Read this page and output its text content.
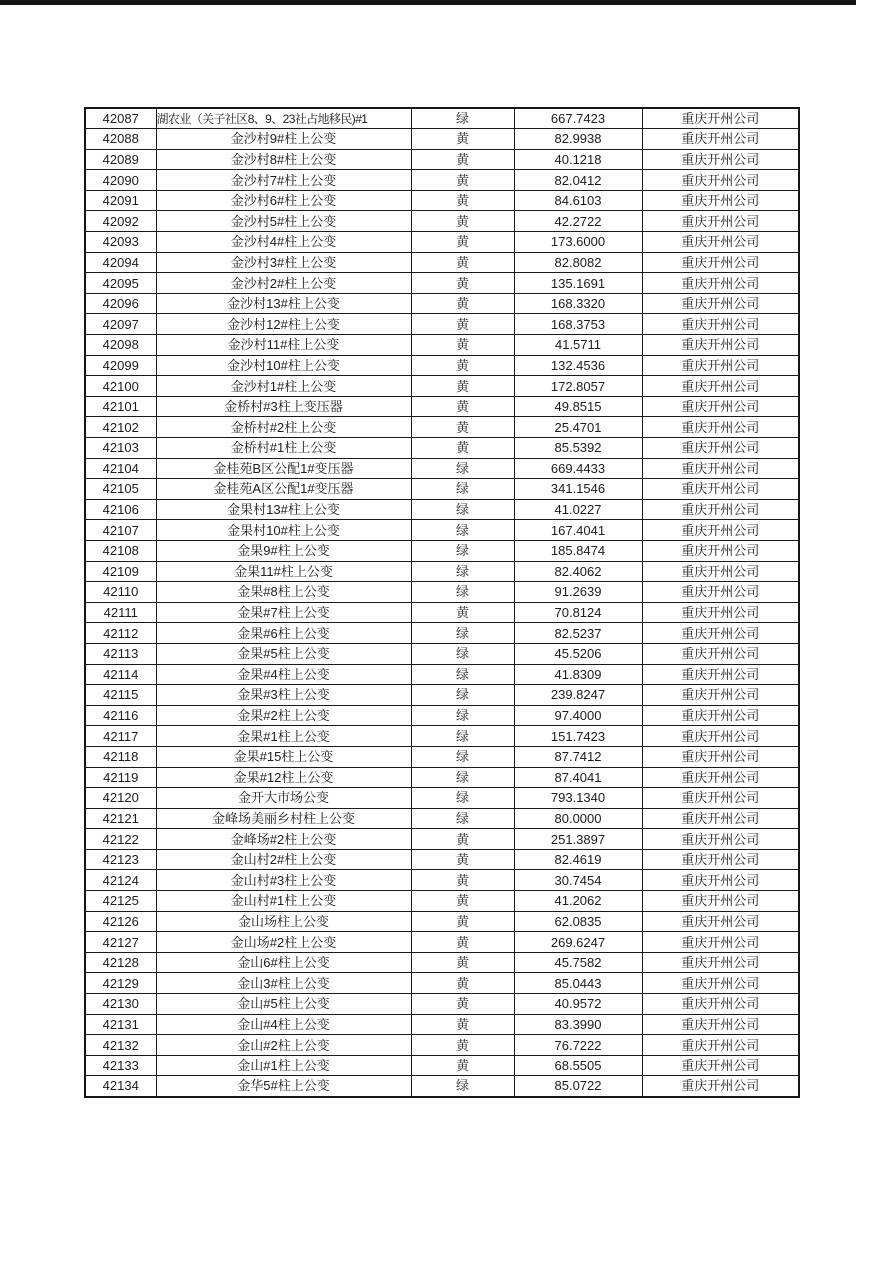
42087	湖农业（关子社区8、9、23社占地移民)#1	绿	667.7423	重庆开州公司
42088	金沙村9#柱上公变	黄	82.9938	重庆开州公司
42089	金沙村8#柱上公变	黄	40.1218	重庆开州公司
42090	金沙村7#柱上公变	黄	82.0412	重庆开州公司
42091	金沙村6#柱上公变	黄	84.6103	重庆开州公司
42092	金沙村5#柱上公变	黄	42.2722	重庆开州公司
42093	金沙村4#柱上公变	黄	173.6000	重庆开州公司
42094	金沙村3#柱上公变	黄	82.8082	重庆开州公司
42095	金沙村2#柱上公变	黄	135.1691	重庆开州公司
42096	金沙村13#柱上公变	黄	168.3320	重庆开州公司
42097	金沙村12#柱上公变	黄	168.3753	重庆开州公司
42098	金沙村11#柱上公变	黄	41.5711	重庆开州公司
42099	金沙村10#柱上公变	黄	132.4536	重庆开州公司
42100	金沙村1#柱上公变	黄	172.8057	重庆开州公司
42101	金桥村#3柱上变压器	黄	49.8515	重庆开州公司
42102	金桥村#2柱上公变	黄	25.4701	重庆开州公司
42103	金桥村#1柱上公变	黄	85.5392	重庆开州公司
42104	金桂苑B区公配1#变压器	绿	669.4433	重庆开州公司
42105	金桂苑A区公配1#变压器	绿	341.1546	重庆开州公司
42106	金果村13#柱上公变	绿	41.0227	重庆开州公司
42107	金果村10#柱上公变	绿	167.4041	重庆开州公司
42108	金果9#柱上公变	绿	185.8474	重庆开州公司
42109	金果11#柱上公变	绿	82.4062	重庆开州公司
42110	金果#8柱上公变	绿	91.2639	重庆开州公司
42111	金果#7柱上公变	黄	70.8124	重庆开州公司
42112	金果#6柱上公变	绿	82.5237	重庆开州公司
42113	金果#5柱上公变	绿	45.5206	重庆开州公司
42114	金果#4柱上公变	绿	41.8309	重庆开州公司
42115	金果#3柱上公变	绿	239.8247	重庆开州公司
42116	金果#2柱上公变	绿	97.4000	重庆开州公司
42117	金果#1柱上公变	绿	151.7423	重庆开州公司
42118	金果#15柱上公变	绿	87.7412	重庆开州公司
42119	金果#12柱上公变	绿	87.4041	重庆开州公司
42120	金开大市场公变	绿	793.1340	重庆开州公司
42121	金峰场美丽乡村柱上公变	绿	80.0000	重庆开州公司
42122	金峰场#2柱上公变	黄	251.3897	重庆开州公司
42123	金山村2#柱上公变	黄	82.4619	重庆开州公司
42124	金山村#3柱上公变	黄	30.7454	重庆开州公司
42125	金山村#1柱上公变	黄	41.2062	重庆开州公司
42126	金山场柱上公变	黄	62.0835	重庆开州公司
42127	金山场#2柱上公变	黄	269.6247	重庆开州公司
42128	金山6#柱上公变	黄	45.7582	重庆开州公司
42129	金山3#柱上公变	黄	85.0443	重庆开州公司
42130	金山#5柱上公变	黄	40.9572	重庆开州公司
42131	金山#4柱上公变	黄	83.3990	重庆开州公司
42132	金山#2柱上公变	黄	76.7222	重庆开州公司
42133	金山#1柱上公变	黄	68.5505	重庆开州公司
42134	金华5#柱上公变	绿	85.0722	重庆开州公司
